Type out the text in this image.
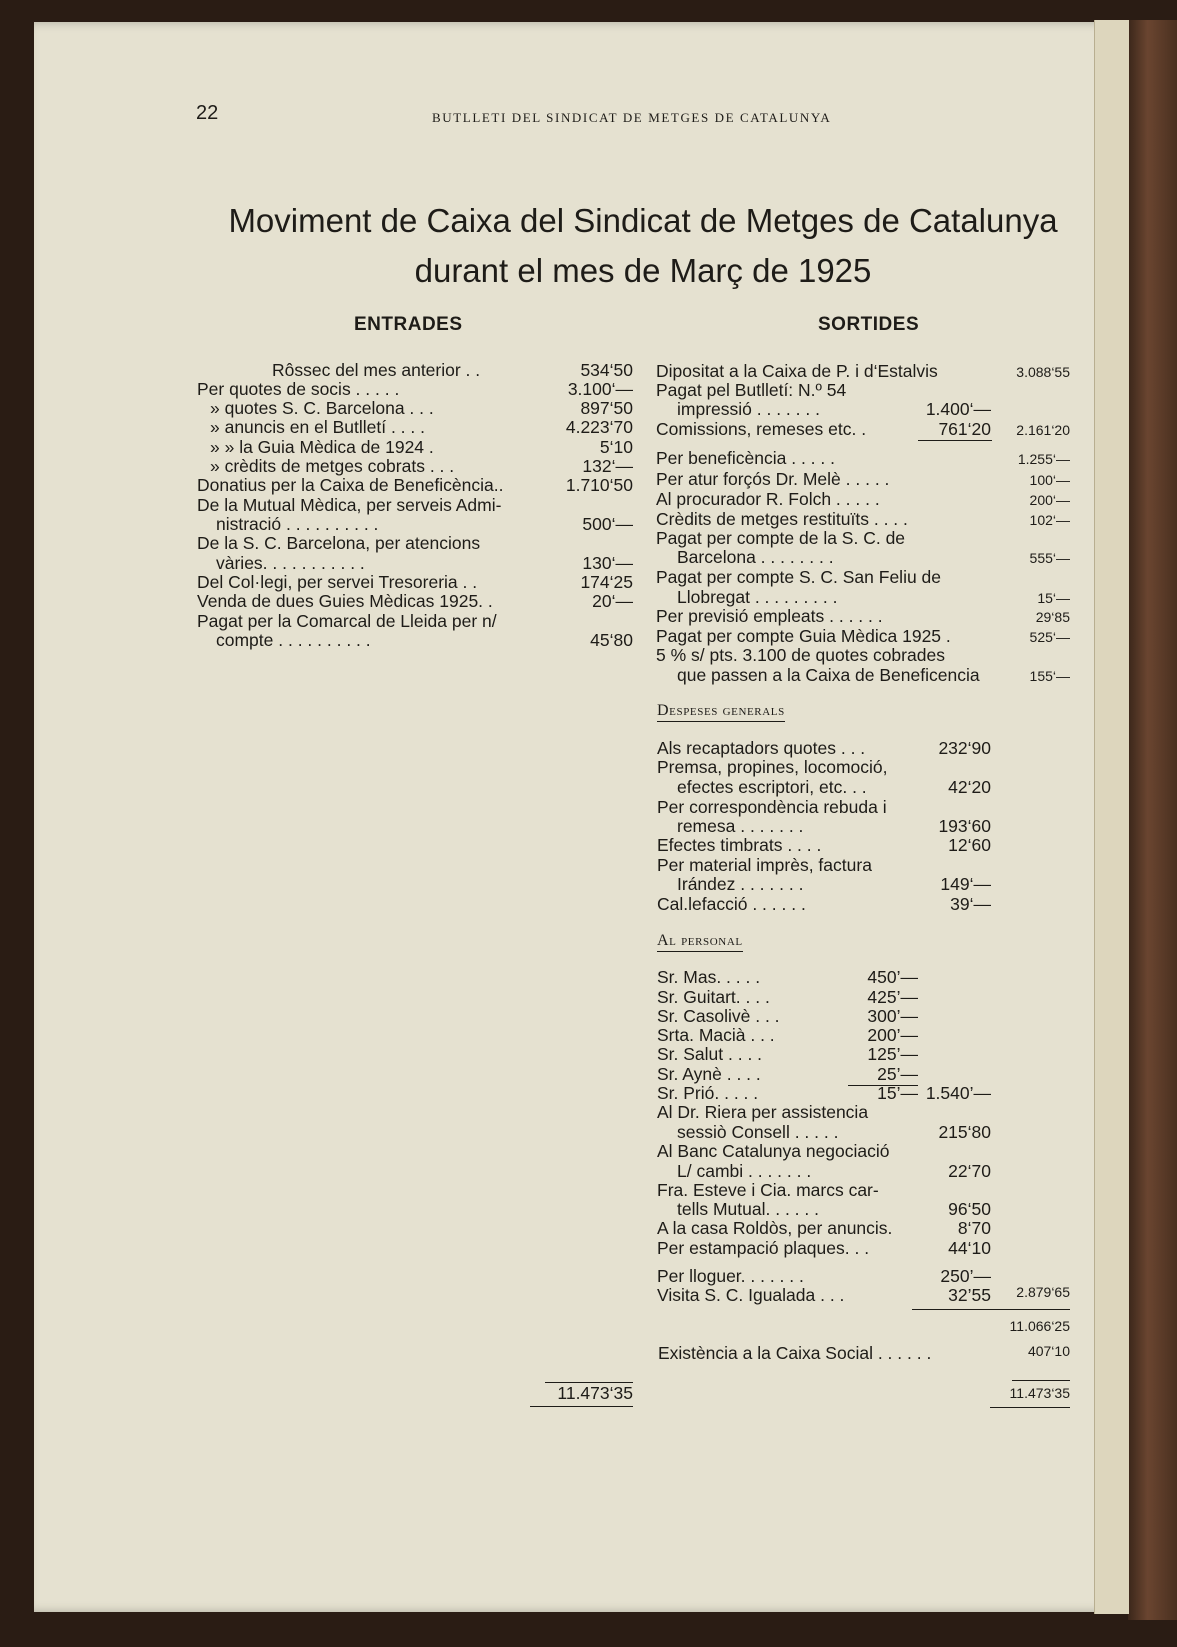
22	BUTLLETI DEL SINDICAT DE METGES DE CATALUNYA
Moviment de Caixa del Sindicat de Metges de Catalunya
durant el mes de Març de 1925
ENTRADES	SORTIDES
Rôssec del mes anterior . .	534‘50
Per quotes de socis . . . . .	3.100‘—
» quotes S. C. Barcelona . . .	897‘50
» anuncis en el Butlletí . . . .	4.223‘70
» » la Guia Mèdica de 1924 .	5‘10
» crèdits de metges cobrats . . .	132‘—
Donatius per la Caixa de Beneficència..	1.710‘50
De la Mutual Mèdica, per serveis Admi-
nistració . . . . . . . . . .	500‘—
De la S. C. Barcelona, per atencions
vàries. . . . . . . . . . .	130‘—
Del Col·legi, per servei Tresoreria . .	174‘25
Venda de dues Guies Mèdicas 1925. .	20‘—
Pagat per la Comarcal de Lleida per n/
compte . . . . . . . . . .	45‘80
11.473‘35
Dipositat a la Caixa de P. i d‘Estalvis	3.088‘55
Pagat pel Butlletí: N.º 54
impressió . . . . . . .	1.400‘—
Comissions, remeses etc. .	761‘20	2.161‘20
Per beneficència . . . . .	1.255‘—
Per atur forçós Dr. Melè . . . . .	100‘—
Al procurador R. Folch . . . . .	200‘—
Crèdits de metges restituïts . . . .	102‘—
Pagat per compte de la S. C. de
Barcelona . . . . . . . .	555‘—
Pagat per compte S. C. San Feliu de
Llobregat . . . . . . . . .	15‘—
Per previsió empleats . . . . . .	29‘85
Pagat per compte Guia Mèdica 1925 .	525‘—
5 % s/ pts. 3.100 de quotes cobrades
que passen a la Caixa de Beneficencia	155‘—
Despeses generals
Als recaptadors quotes . . .	232‘90
Premsa, propines, locomoció,
efectes escriptori, etc. . .	42‘20
Per correspondència rebuda i
remesa . . . . . . .	193‘60
Efectes timbrats . . . .	12‘60
Per material imprès, factura
Irández . . . . . . .	149‘—
Cal.lefacció . . . . . .	39‘—
Al personal
Sr. Mas. . . . .	450’—
Sr. Guitart. . . .	425’—
Sr. Casolivè . . .	300’—
Srta. Macià . . .	200’—
Sr. Salut . . . .	125’—
Sr. Aynè . . . .	25’—
Sr. Prió. . . . .	15’— 1.540’—
Al Dr. Riera per assistencia
sessiò Consell . . . . .	215‘80
Al Banc Catalunya negociació
L/ cambi . . . . . . .	22‘70
Fra. Esteve i Cia. marcs car-
tells Mutual. . . . . .	96‘50
A la casa Roldòs, per anuncis.	8‘70
Per estampació plaques. . .	44‘10
Per lloguer. . . . . . .	250’—
Visita S. C. Igualada . . .	32’55	2.879‘65
11.066‘25
Existència a la Caixa Social . . . . . .	407‘10
11.473‘35
